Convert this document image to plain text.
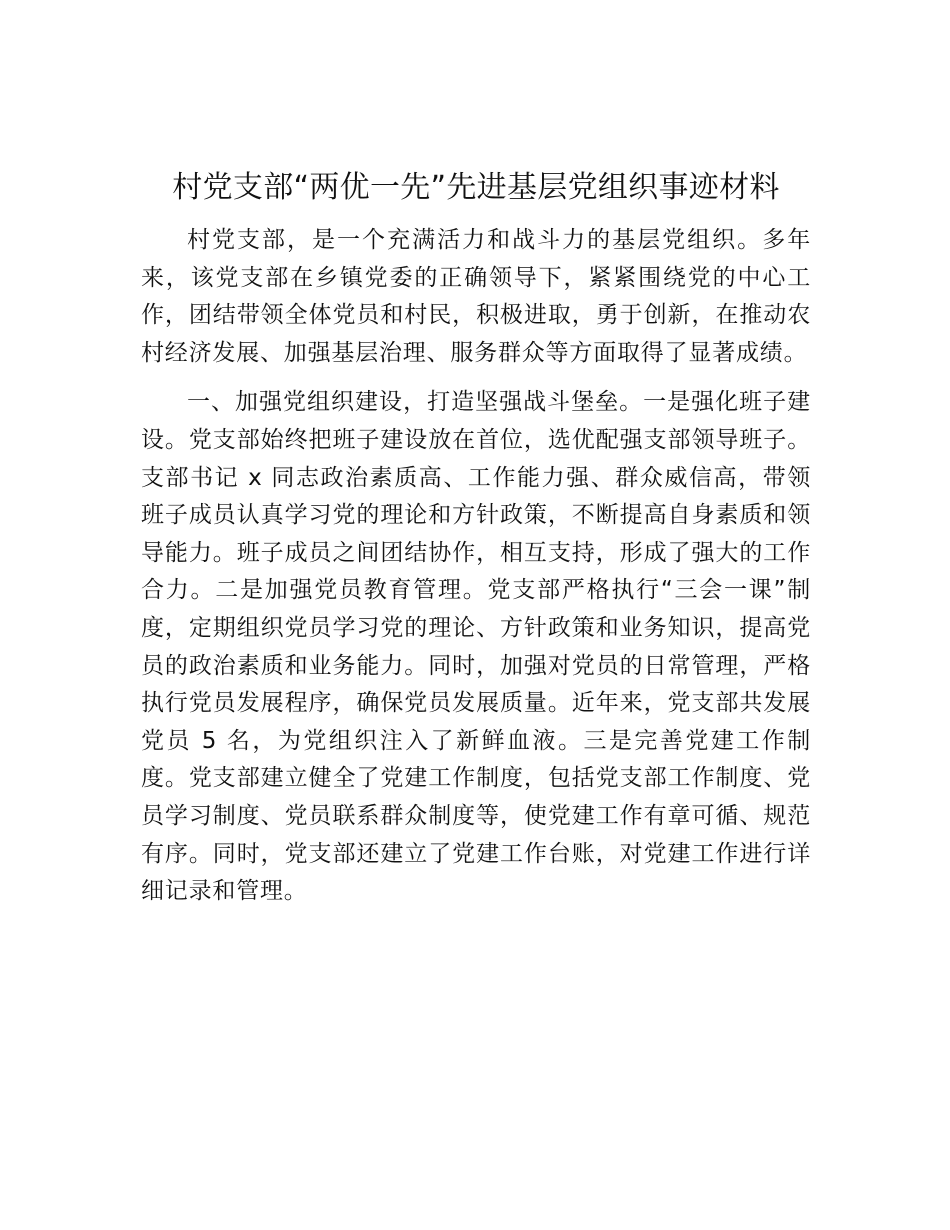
村党支部“两优一先”先进基层党组织事迹材料

村党支部，是一个充满活力和战斗力的基层党组织。多年来，该党支部在乡镇党委的正确领导下，紧紧围绕党的中心工作，团结带领全体党员和村民，积极进取，勇于创新，在推动农村经济发展、加强基层治理、服务群众等方面取得了显著成绩。

一、加强党组织建设，打造坚强战斗堡垒。一是强化班子建设。党支部始终把班子建设放在首位，选优配强支部领导班子。支部书记 x 同志政治素质高、工作能力强、群众威信高，带领班子成员认真学习党的理论和方针政策，不断提高自身素质和领导能力。班子成员之间团结协作，相互支持，形成了强大的工作合力。二是加强党员教育管理。党支部严格执行“三会一课”制度，定期组织党员学习党的理论、方针政策和业务知识，提高党员的政治素质和业务能力。同时，加强对党员的日常管理，严格执行党员发展程序，确保党员发展质量。近年来，党支部共发展党员 5 名，为党组织注入了新鲜血液。三是完善党建工作制度。党支部建立健全了党建工作制度，包括党支部工作制度、党员学习制度、党员联系群众制度等，使党建工作有章可循、规范有序。同时，党支部还建立了党建工作台账，对党建工作进行详细记录和管理。
